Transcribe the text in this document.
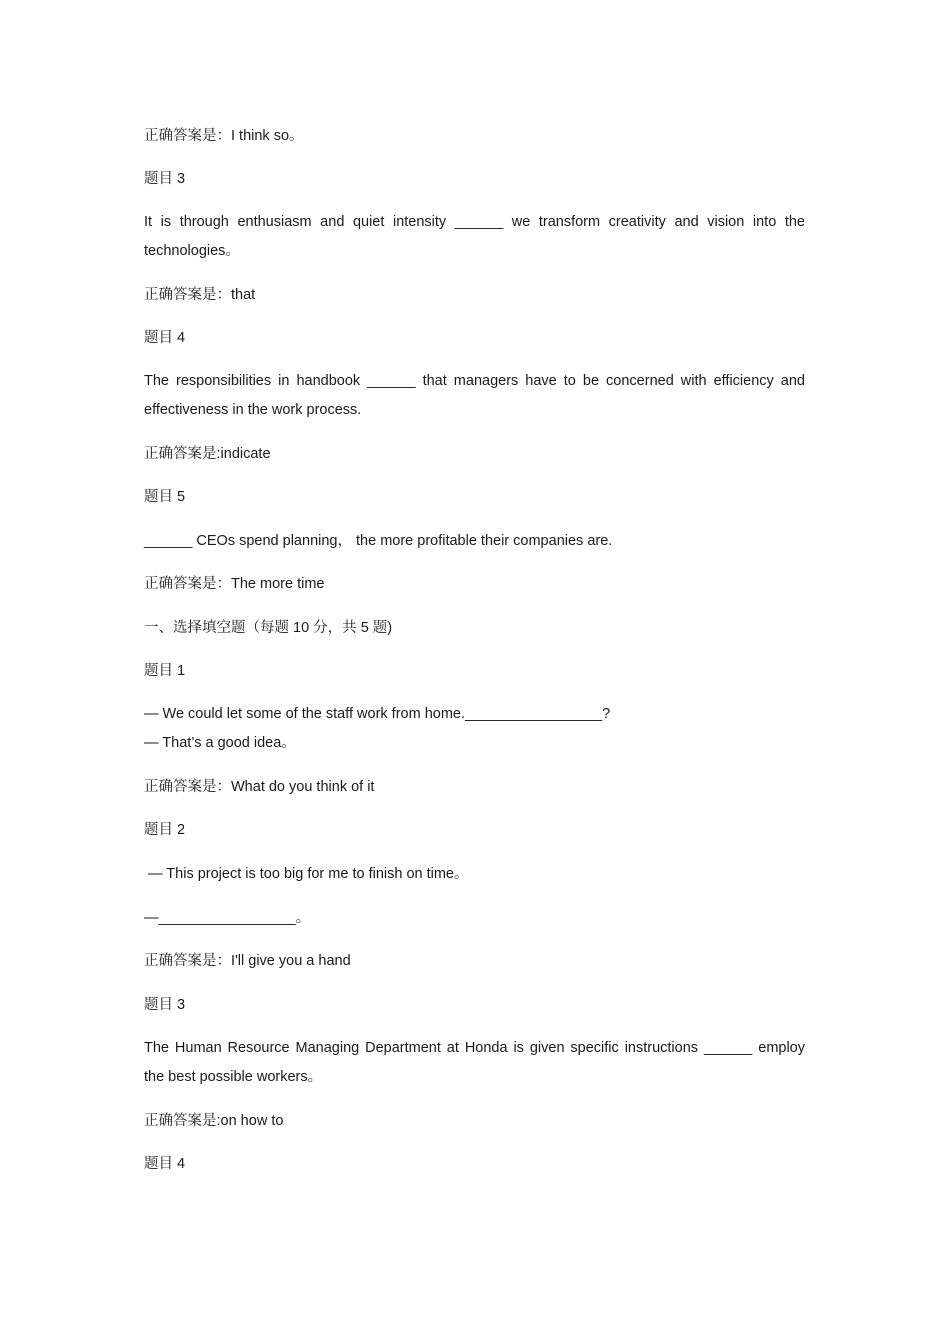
正确答案是：I think so。
题目 3
It is through enthusiasm and quiet intensity ______ we transform creativity and vision into the technologies。
正确答案是：that
题目 4
The responsibilities in handbook ______ that managers have to be concerned with efficiency and effectiveness in the work process.
正确答案是:indicate
题目 5
______ CEOs spend planning， the more profitable their companies are.
正确答案是：The more time
一、选择填空题（每题 10 分，共 5 题)
题目 1
— We could let some of the staff work from home._________________?
— That’s a good idea。
正确答案是：What do you think of it
题目 2
— This project is too big for me to finish on time。
—_________________。
正确答案是：I'll give you a hand
题目 3
The Human Resource Managing Department at Honda is given specific instructions ______ employ the best possible workers。
正确答案是:on how to
题目 4
